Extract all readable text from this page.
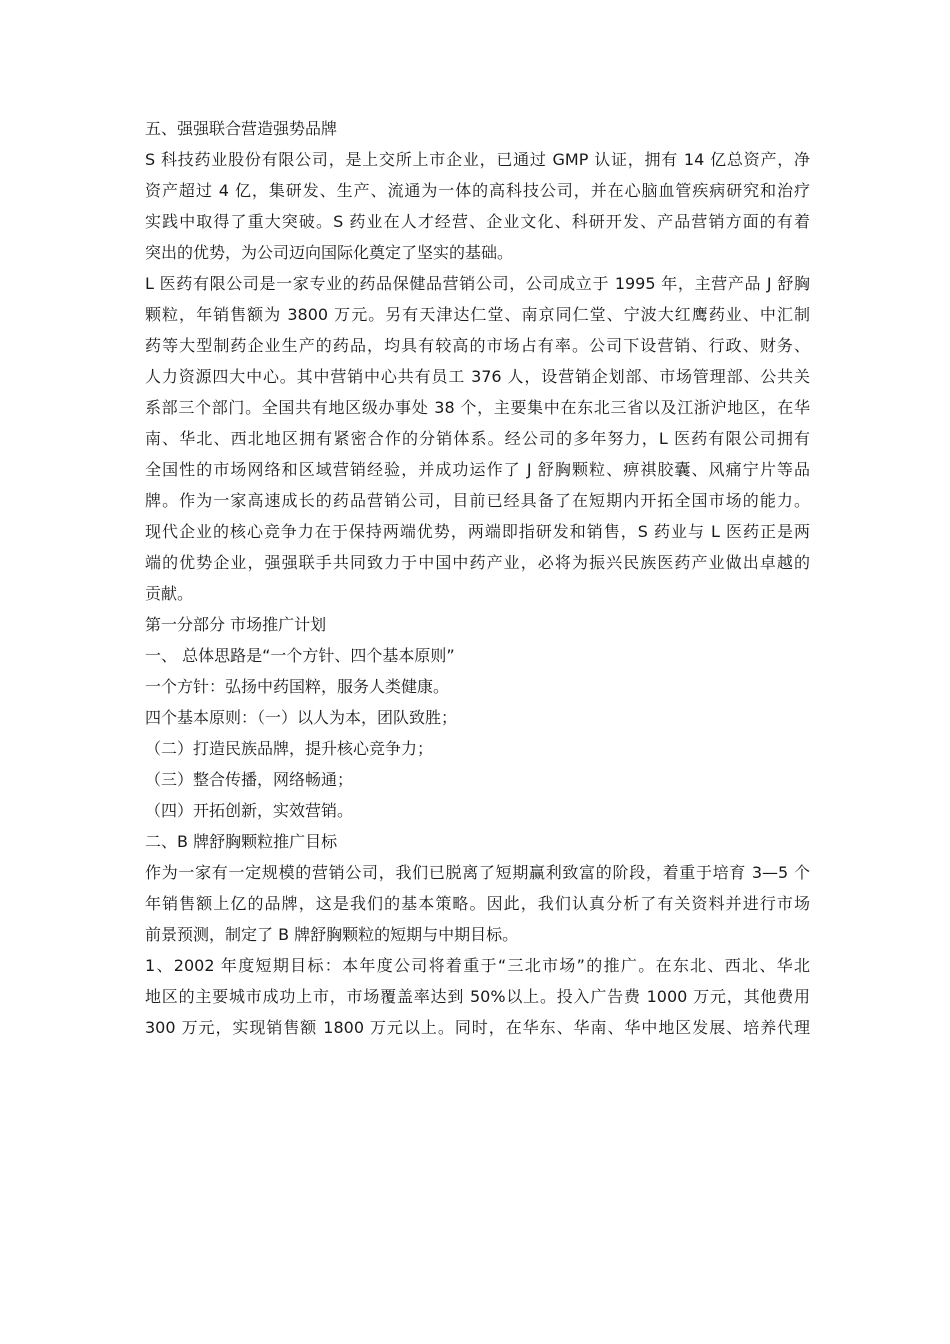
五、强强联合营造强势品牌
S 科技药业股份有限公司，是上交所上市企业，已通过 GMP 认证，拥有 14 亿总资产，净
资产超过 4 亿，集研发、生产、流通为一体的高科技公司，并在心脑血管疾病研究和治疗
实践中取得了重大突破。S 药业在人才经营、企业文化、科研开发、产品营销方面的有着
突出的优势，为公司迈向国际化奠定了坚实的基础。
L 医药有限公司是一家专业的药品保健品营销公司，公司成立于 1995 年，主营产品 J 舒胸
颗粒，年销售额为 3800 万元。另有天津达仁堂、南京同仁堂、宁波大红鹰药业、中汇制
药等大型制药企业生产的药品，均具有较高的市场占有率。公司下设营销、行政、财务、
人力资源四大中心。其中营销中心共有员工 376 人，设营销企划部、市场管理部、公共关
系部三个部门。全国共有地区级办事处 38 个，主要集中在东北三省以及江浙沪地区，在华
南、华北、西北地区拥有紧密合作的分销体系。经公司的多年努力，L 医药有限公司拥有
全国性的市场网络和区域营销经验，并成功运作了 J 舒胸颗粒、痹祺胶囊、风痛宁片等品
牌。作为一家高速成长的药品营销公司，目前已经具备了在短期内开拓全国市场的能力。
现代企业的核心竞争力在于保持两端优势，两端即指研发和销售，S 药业与 L 医药正是两
端的优势企业，强强联手共同致力于中国中药产业，必将为振兴民族医药产业做出卓越的
贡献。
第一分部分 市场推广计划
一、 总体思路是“一个方针、四个基本原则”
一个方针：弘扬中药国粹，服务人类健康。
四个基本原则：（一）以人为本，团队致胜；
（二）打造民族品牌，提升核心竞争力；
（三）整合传播，网络畅通；
（四）开拓创新，实效营销。
二、B 牌舒胸颗粒推广目标
作为一家有一定规模的营销公司，我们已脱离了短期赢利致富的阶段，着重于培育 3—5 个
年销售额上亿的品牌，这是我们的基本策略。因此，我们认真分析了有关资料并进行市场
前景预测，制定了 B 牌舒胸颗粒的短期与中期目标。
1、2002 年度短期目标：本年度公司将着重于“三北市场”的推广。在东北、西北、华北
地区的主要城市成功上市，市场覆盖率达到 50%以上。投入广告费 1000 万元，其他费用
300 万元，实现销售额 1800 万元以上。同时，在华东、华南、华中地区发展、培养代理
